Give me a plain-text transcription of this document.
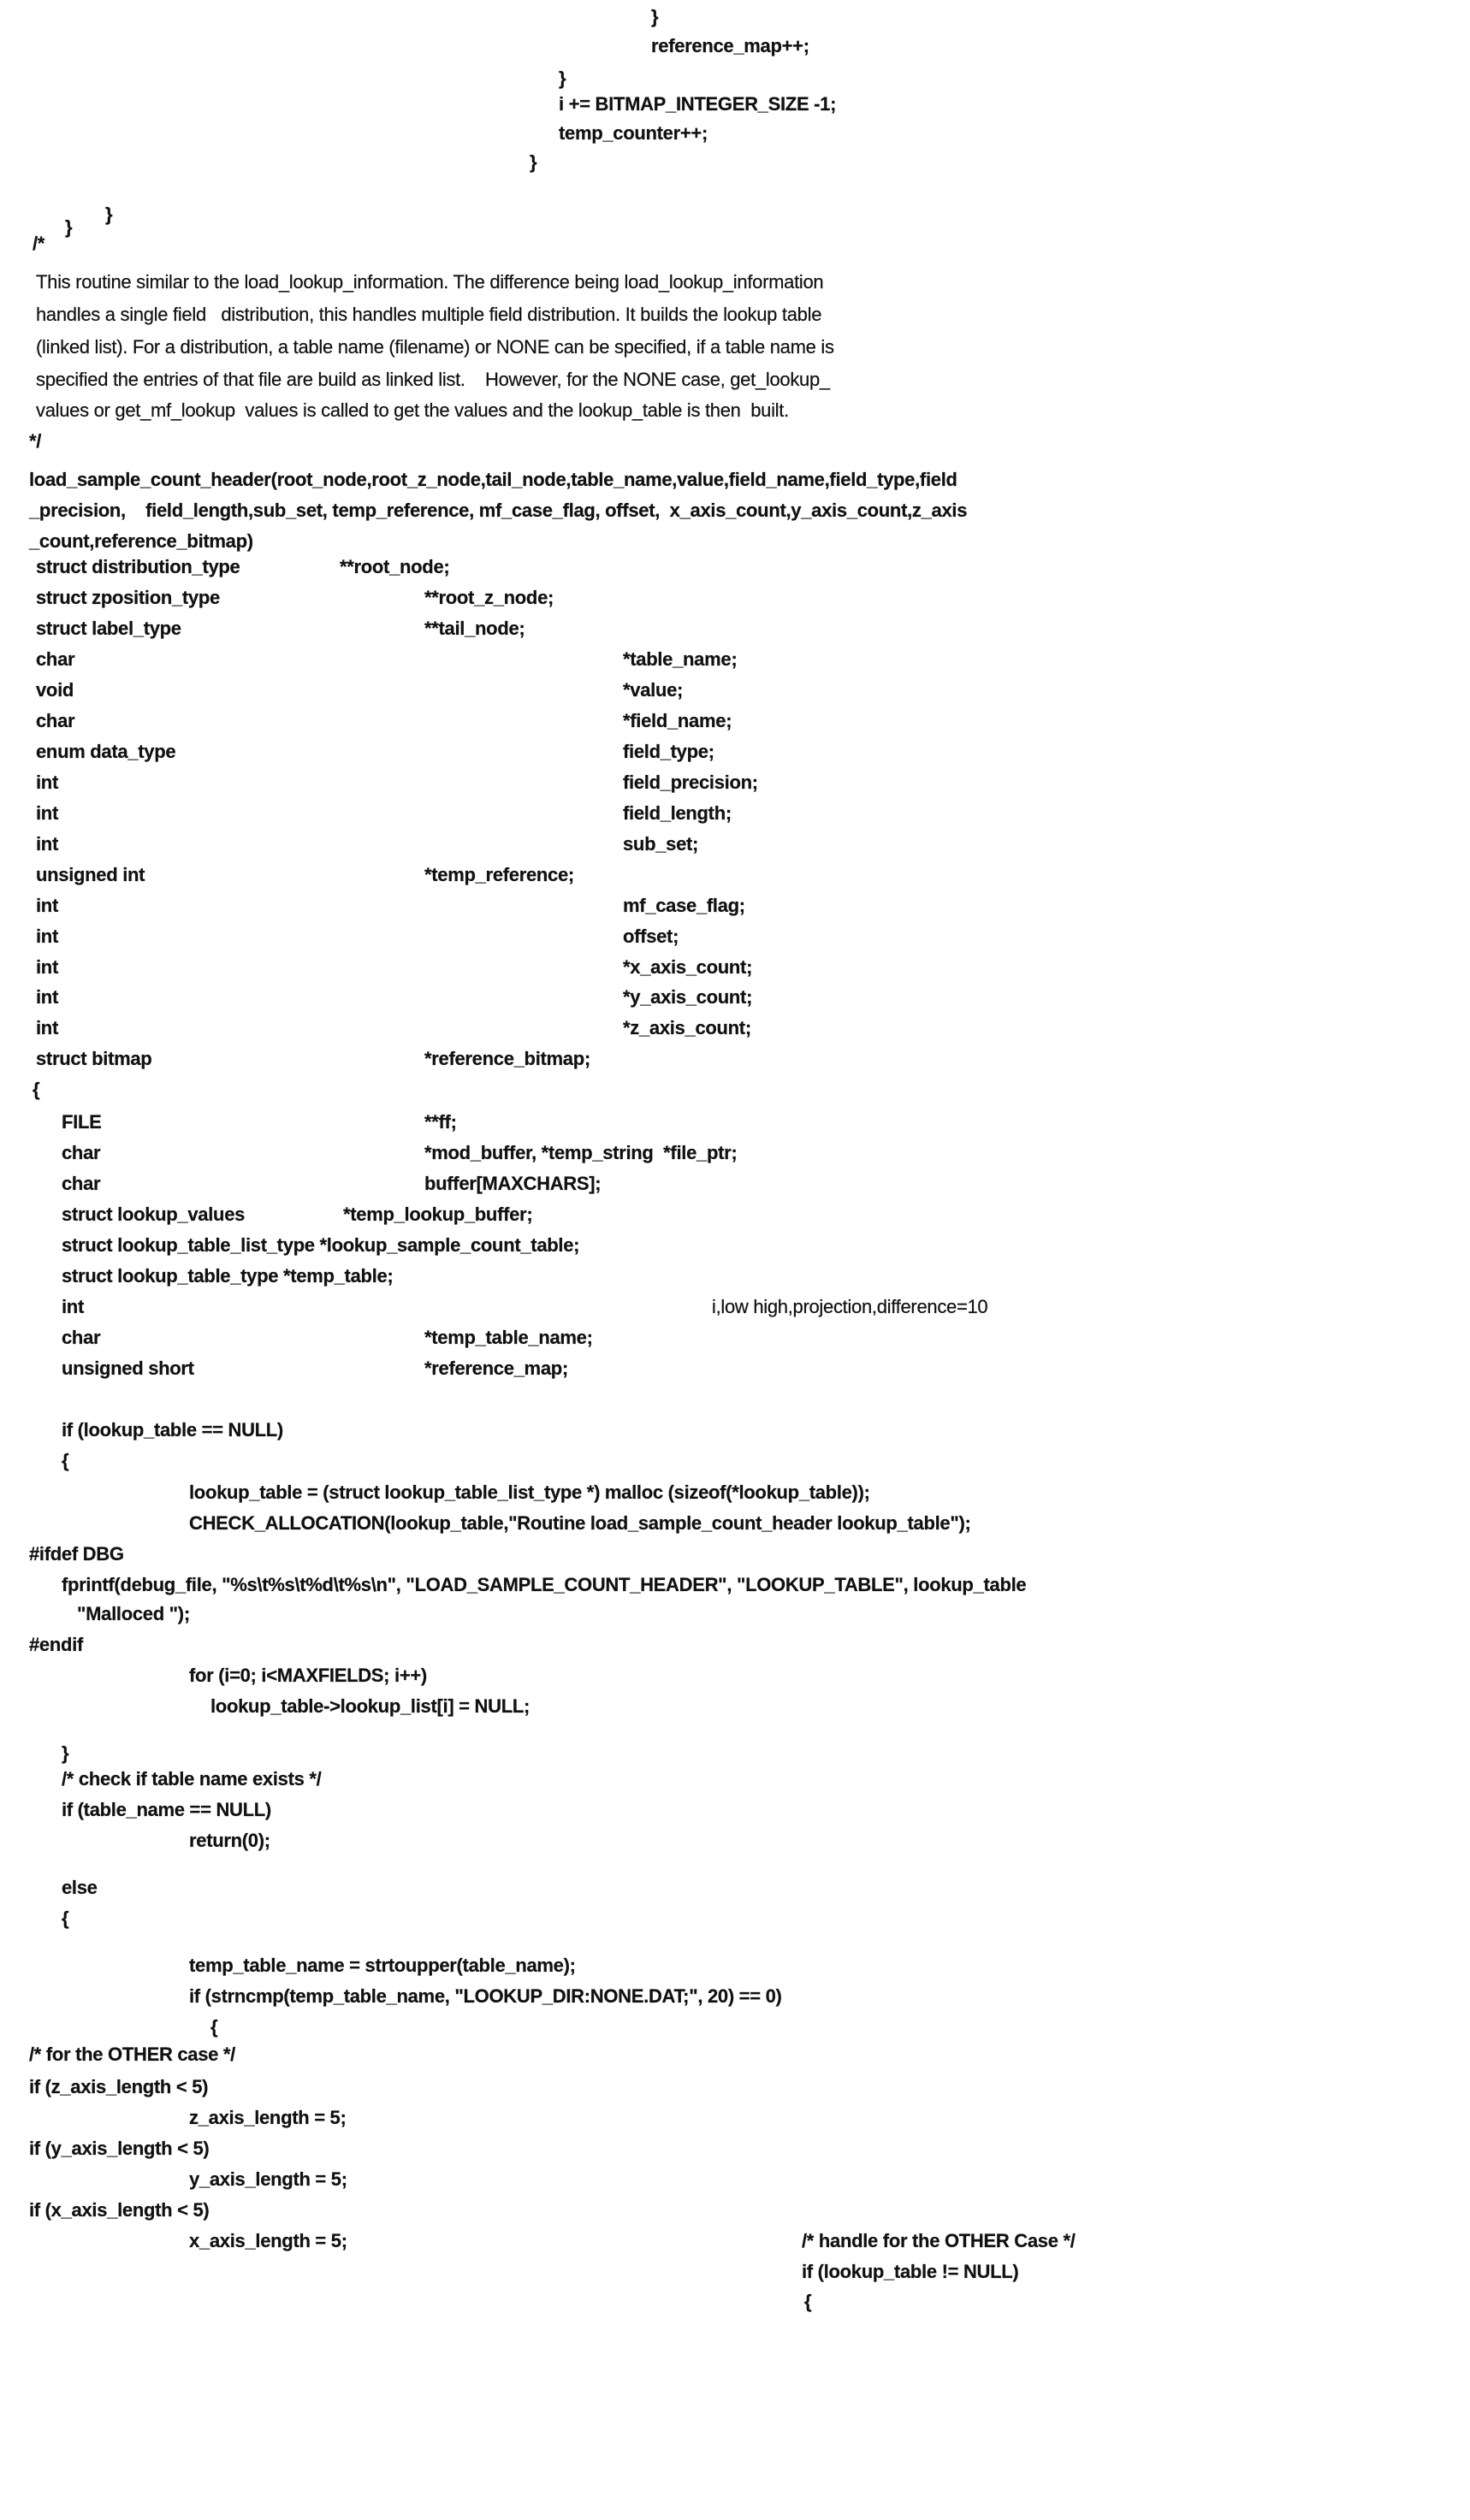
}
reference_map++;
}
i += BITMAP_INTEGER_SIZE -1;
temp_counter++;
}
}
}
/*
This routine similar to the load_lookup_information. The difference being load_lookup_information
handles a single field   distribution, this handles multiple field distribution. It builds the lookup table
(linked list). For a distribution, a table name (filename) or NONE can be specified, if a table name is
specified the entries of that file are build as linked list.    However, for the NONE case, get_lookup_
values or get_mf_lookup  values is called to get the values and the lookup_table is then  built.
*/
load_sample_count_header(root_node,root_z_node,tail_node,table_name,value,field_name,field_type,field
_precision,    field_length,sub_set, temp_reference, mf_case_flag, offset,  x_axis_count,y_axis_count,z_axis
_count,reference_bitmap)
struct distribution_type	**root_node;
struct zposition_type	**root_z_node;
struct label_type	**tail_node;
char	*table_name;
void	*value;
char	*field_name;
enum data_type	field_type;
int	field_precision;
int	field_length;
int	sub_set;
unsigned int	*temp_reference;
int	mf_case_flag;
int	offset;
int	*x_axis_count;
int	*y_axis_count;
int	*z_axis_count;
struct bitmap	*reference_bitmap;
{
FILE	**ff;
char	*mod_buffer, *temp_string  *file_ptr;
char	buffer[MAXCHARS];
struct lookup_values	*temp_lookup_buffer;
struct lookup_table_list_type *lookup_sample_count_table;
struct lookup_table_type *temp_table;
int	i,low high,projection,difference=10
char	*temp_table_name;
unsigned short	*reference_map;
if (lookup_table == NULL)
{
lookup_table = (struct lookup_table_list_type *) malloc (sizeof(*lookup_table));
CHECK_ALLOCATION(lookup_table,"Routine load_sample_count_header lookup_table");
#ifdef DBG
fprintf(debug_file, "%s\t%s\t%d\t%s\n", "LOAD_SAMPLE_COUNT_HEADER", "LOOKUP_TABLE", lookup_table
"Malloced ");
#endif
for (i=0; i<MAXFIELDS; i++)
lookup_table->lookup_list[i] = NULL;
}
/* check if table name exists */
if (table_name == NULL)
return(0);
else
{
temp_table_name = strtoupper(table_name);
if (strncmp(temp_table_name, "LOOKUP_DIR:NONE.DAT;", 20) == 0)
{
/* for the OTHER case */
if (z_axis_length < 5)
z_axis_length = 5;
if (y_axis_length < 5)
y_axis_length = 5;
if (x_axis_length < 5)
x_axis_length = 5;	/* handle for the OTHER Case */
if (lookup_table != NULL)
{
